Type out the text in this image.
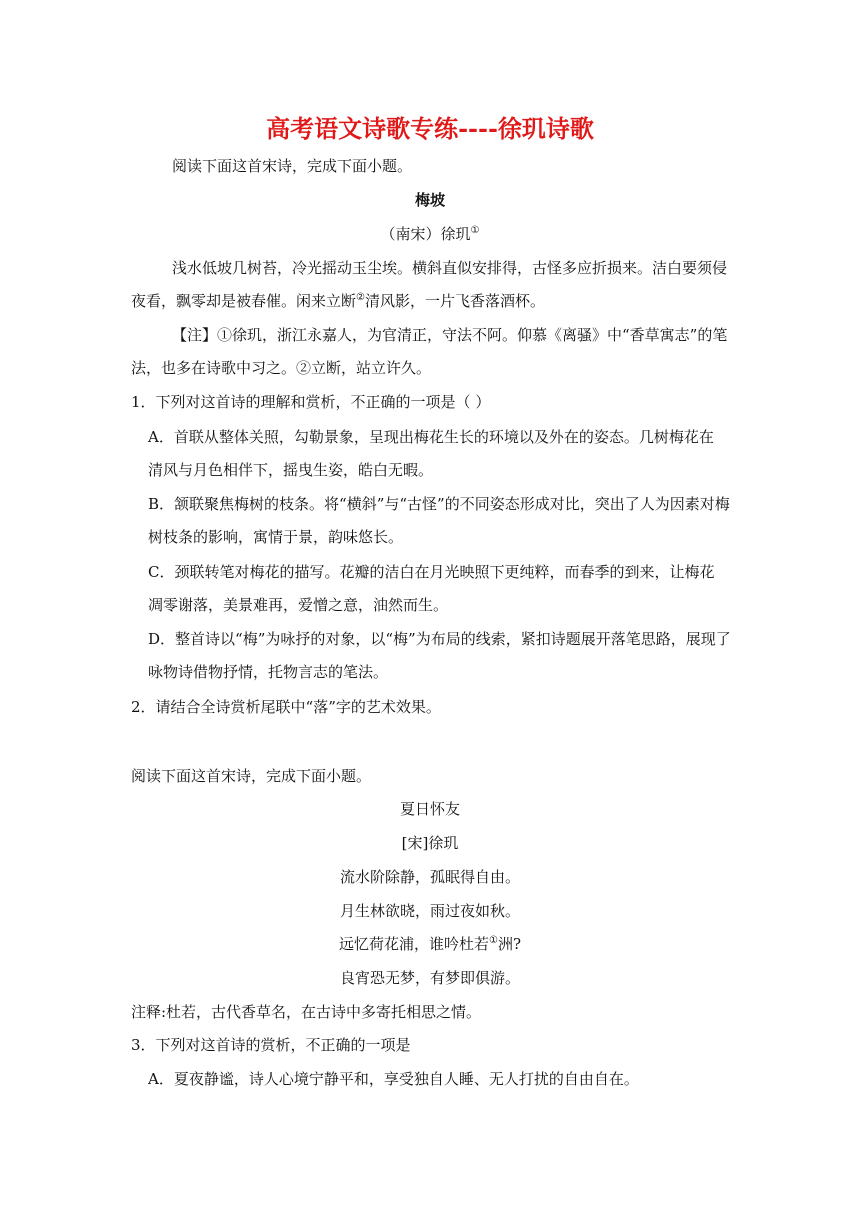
高考语文诗歌专练----徐玑诗歌
阅读下面这首宋诗，完成下面小题。
梅坡
（南宋）徐玑①
浅水低坡几树苔，冷光摇动玉尘埃。横斜直似安排得，古怪多应折损来。洁白要须侵
夜看，飘零却是被春催。闲来立断②清风影，一片飞香落酒杯。
【注】①徐玑，浙江永嘉人，为官清正，守法不阿。仰慕《离骚》中“香草寓志”的笔
法，也多在诗歌中习之。②立断，站立许久。
1．下列对这首诗的理解和赏析，不正确的一项是（ ）
A．首联从整体关照，勾勒景象，呈现出梅花生长的环境以及外在的姿态。几树梅花在
清风与月色相伴下，摇曳生姿，皓白无暇。
B．颔联聚焦梅树的枝条。将“横斜”与“古怪”的不同姿态形成对比，突出了人为因素对梅
树枝条的影响，寓情于景，韵味悠长。
C．颈联转笔对梅花的描写。花瓣的洁白在月光映照下更纯粹，而春季的到来，让梅花
凋零谢落，美景难再，爱憎之意，油然而生。
D．整首诗以“梅”为咏抒的对象，以“梅”为布局的线索，紧扣诗题展开落笔思路，展现了
咏物诗借物抒情，托物言志的笔法。
2．请结合全诗赏析尾联中“落”字的艺术效果。
阅读下面这首宋诗，完成下面小题。
夏日怀友
[宋]徐玑
流水阶除静，孤眠得自由。
月生林欲晓，雨过夜如秋。
远忆荷花浦，谁吟杜若①洲?
良宵恐无梦，有梦即俱游。
注释:杜若，古代香草名，在古诗中多寄托相思之情。
3．下列对这首诗的赏析，不正确的一项是
A．夏夜静谧，诗人心境宁静平和，享受独自人睡、无人打扰的自由自在。
